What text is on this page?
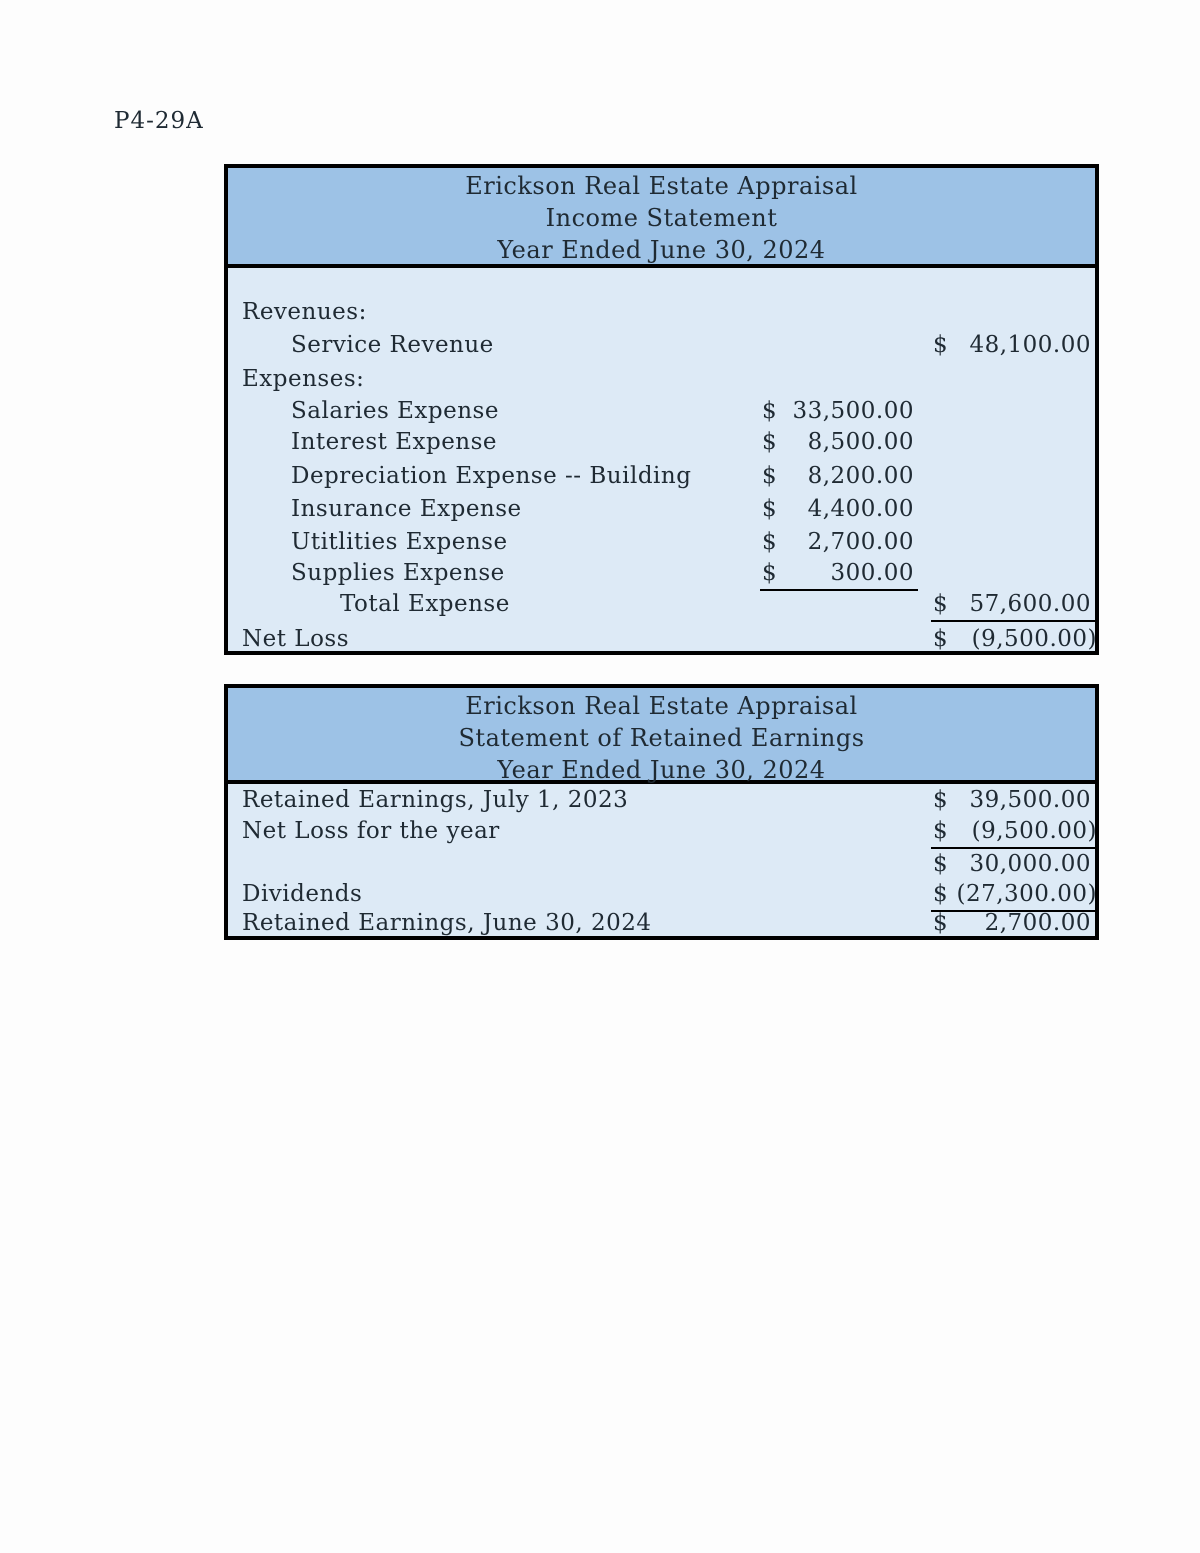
P4-29A
Erickson Real Estate Appraisal
Income Statement
Year Ended June 30, 2024
Revenues:
Service Revenue	$ 48,100.00
Expenses:
Salaries Expense	$ 33,500.00
Interest Expense	$ 8,500.00
Depreciation Expense -- Building	$ 8,200.00
Insurance Expense	$ 4,400.00
Utitlities Expense	$ 2,700.00
Supplies Expense	$ 300.00
Total Expense	$ 57,600.00
Net Loss	$ (9,500.00)
Erickson Real Estate Appraisal
Statement of Retained Earnings
Year Ended June 30, 2024
Retained Earnings, July 1, 2023	$ 39,500.00
Net Loss for the year	$ (9,500.00)
$ 30,000.00
Dividends	$ (27,300.00)
Retained Earnings, June 30, 2024	$ 2,700.00
